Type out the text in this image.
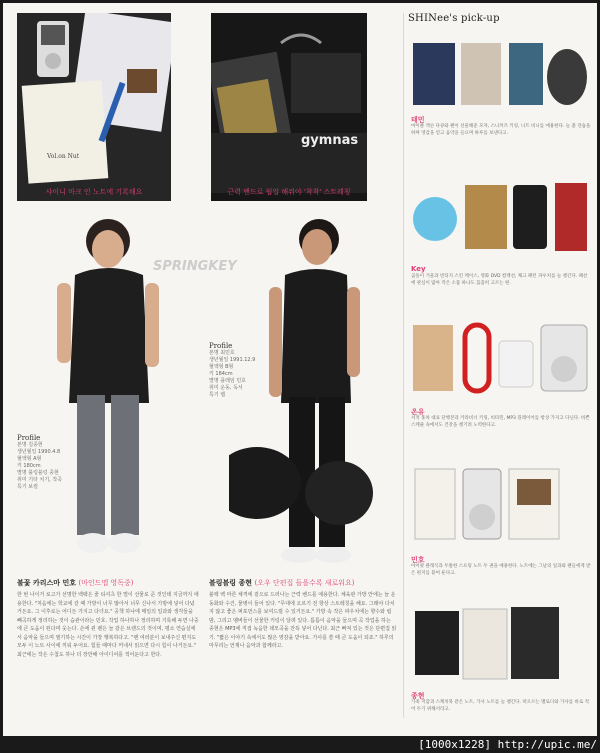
Vol.on Nut
샤이니 마크 인 노트에 기록해요
gymnas
근력 밴드로 웜업 해줘야 '착착' 스트레칭
SPRINGKEY
Profile
본명 김종현
생년월일 1990.4.8
혈액형 A형
키 180cm
별명 블링블링 종현
취미 기타 치기, 작곡
특기 보컬
Profile
본명 최민호
생년월일 1991.12.9
혈액형 B형
키 184cm
별명 플레임 민호
취미 운동, 독서
특기 랩
불꽃 카리스마 민호 (마인드맵 영독중)
한 번 나이거 로고가 선명한 백팩은 줄 티셔츠 한 벌이 선물로 준 것인데 지금까지 애용한다. "처음에는 학교에 갈 때 가방이 너무 많아서 너무 신나서 가방에 넣어 다녔거든요. 그 이후로는 어디든 가지고 다녀요." 공책 하나에 매일의 일과와 생각들을 빼곡하게 정리하는 것이 습관이라는 민호. 작업 하나하나 정리하며 기록해 두면 나중에 큰 도움이 된다며 웃는다. 손에 쥔 펜은 늘 같은 브랜드의 것이며, 평소 연습실에서 음악을 들으며 필기하는 시간이 가장 행복하다고. "팬 여러분이 보내주신 편지도 모두 이 노트 사이에 끼워 두어요. 힘들 때마다 꺼내서 읽으면 다시 힘이 나거든요." 최근에는 작은 수첩도 하나 더 장만해 아이디어를 적어둔다고 한다.
블링블링 종현 (오우 단편집 들을수록 새로워요)
블랙 벡 마른 체격에 겉으로 드러나는 근력 밴드를 애용한다. 체육관 가방 안에는 늘 운동화와 수건, 물병이 들어 있다. "무대에 오르기 전 항상 스트레칭을 해요. 그래야 다치지 않고 좋은 퍼포먼스를 보여드릴 수 있거든요." 가방 속 작은 파우치에는 향수와 립밤, 그리고 멤버들이 선물한 키링이 달려 있다. 틈틈이 음악을 들으며 곡 작업을 하는 종현은 MP3에 직접 녹음한 데모곡을 잔뜩 넣어 다닌다. 최근 빠져 있는 것은 단편집 읽기. "짧은 이야기 속에서도 많은 영감을 받아요. 가사를 쓸 때 큰 도움이 되죠." 하루의 마무리는 언제나 음악과 함께라고.
SHINee's pick-up
태민
마이클 잭슨 다큐와 팬이 선물해준 모자, 스니커즈 키링, 니트 비니를 애용한다. 늘 춤 연습을 하며 영감을 얻고 음악을 들으며 하루를 보낸다고.
Key
곰돌이 거울과 빈티지 스킨 케이스, 영화 DVD 컬렉션, 체크 패턴 파우치를 늘 챙긴다. 패션에 관심이 많아 작은 소품 하나도 꼼꼼히 고르는 편.
온유
서적 홍차 대표 단행본과 카라비너 키링, 비타민, MP3 플레이어를 항상 가지고 다닌다. 바쁜 스케줄 속에서도 건강을 챙기려 노력한다고.
민호
아이팟 클래식과 두툼한 스프링 노트 두 권을 애용한다. 노트에는 그날의 일과와 팬들에게 받은 편지를 붙여 둔다고.
종현
가죽 지갑과 스케치북 같은 노트, 가사 노트를 늘 챙긴다. 떠오르는 멜로디와 가사를 바로 적어 두기 위해서라고.
[1000x1228] http://upic.me/
